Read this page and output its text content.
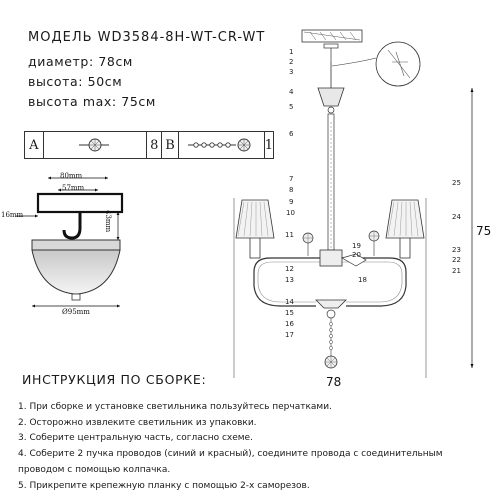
МОДЕЛЬ WD3584-8H-WT-CR-WT
диаметр: 78см
высота: 50см
высота max: 75см
A	8 B	1
80mm
57mm
16mm	43mm
Ø95mm
75
78
1
2
3
4
5
6
7
8
9
10
11
12
13
14
15
16
17
18
19
20
21
22
23
24
25
ИНСТРУКЦИЯ ПО СБОРКЕ:
1. При сборке и установке светильника пользуйтесь перчатками.
2. Осторожно извлеките светильник из упаковки.
3. Соберите центральную часть, согласно схеме.
4. Соберите 2 пучка проводов (синий и красный), соедините провода с соединительным проводом с помощью колпачка.
5. Прикрепите крепежную планку с помощью 2-х саморезов.
